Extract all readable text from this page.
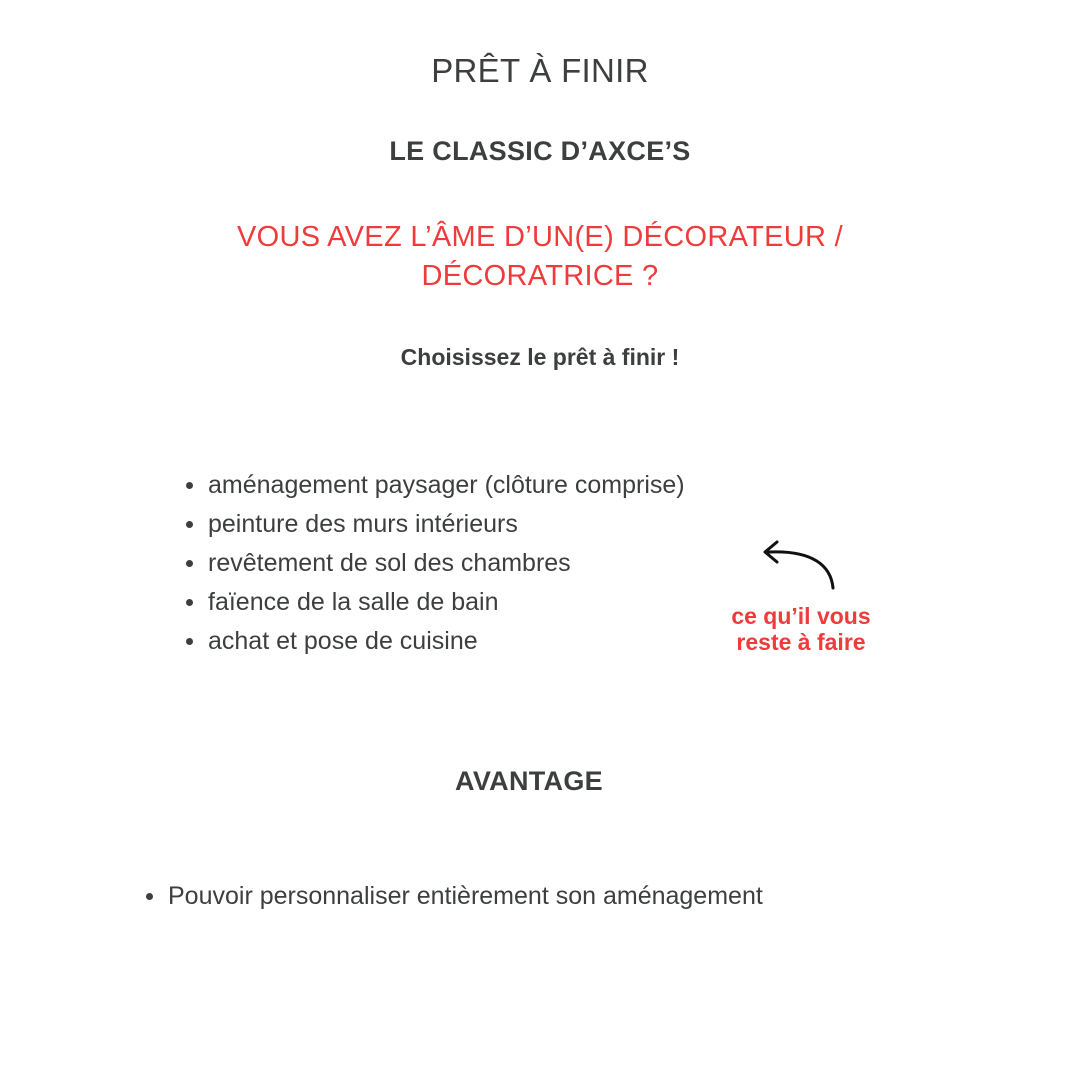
PRÊT À FINIR
LE CLASSIC D’AXCE’S
VOUS AVEZ L’ÂME D’UN(E) DÉCORATEUR /
DÉCORATRICE ?
Choisissez le prêt à finir !
aménagement paysager (clôture comprise)
peinture des murs intérieurs
revêtement de sol des chambres
faïence de la salle de bain
achat et pose de cuisine
ce qu’il vous
reste à faire
AVANTAGE
Pouvoir personnaliser entièrement son aménagement
